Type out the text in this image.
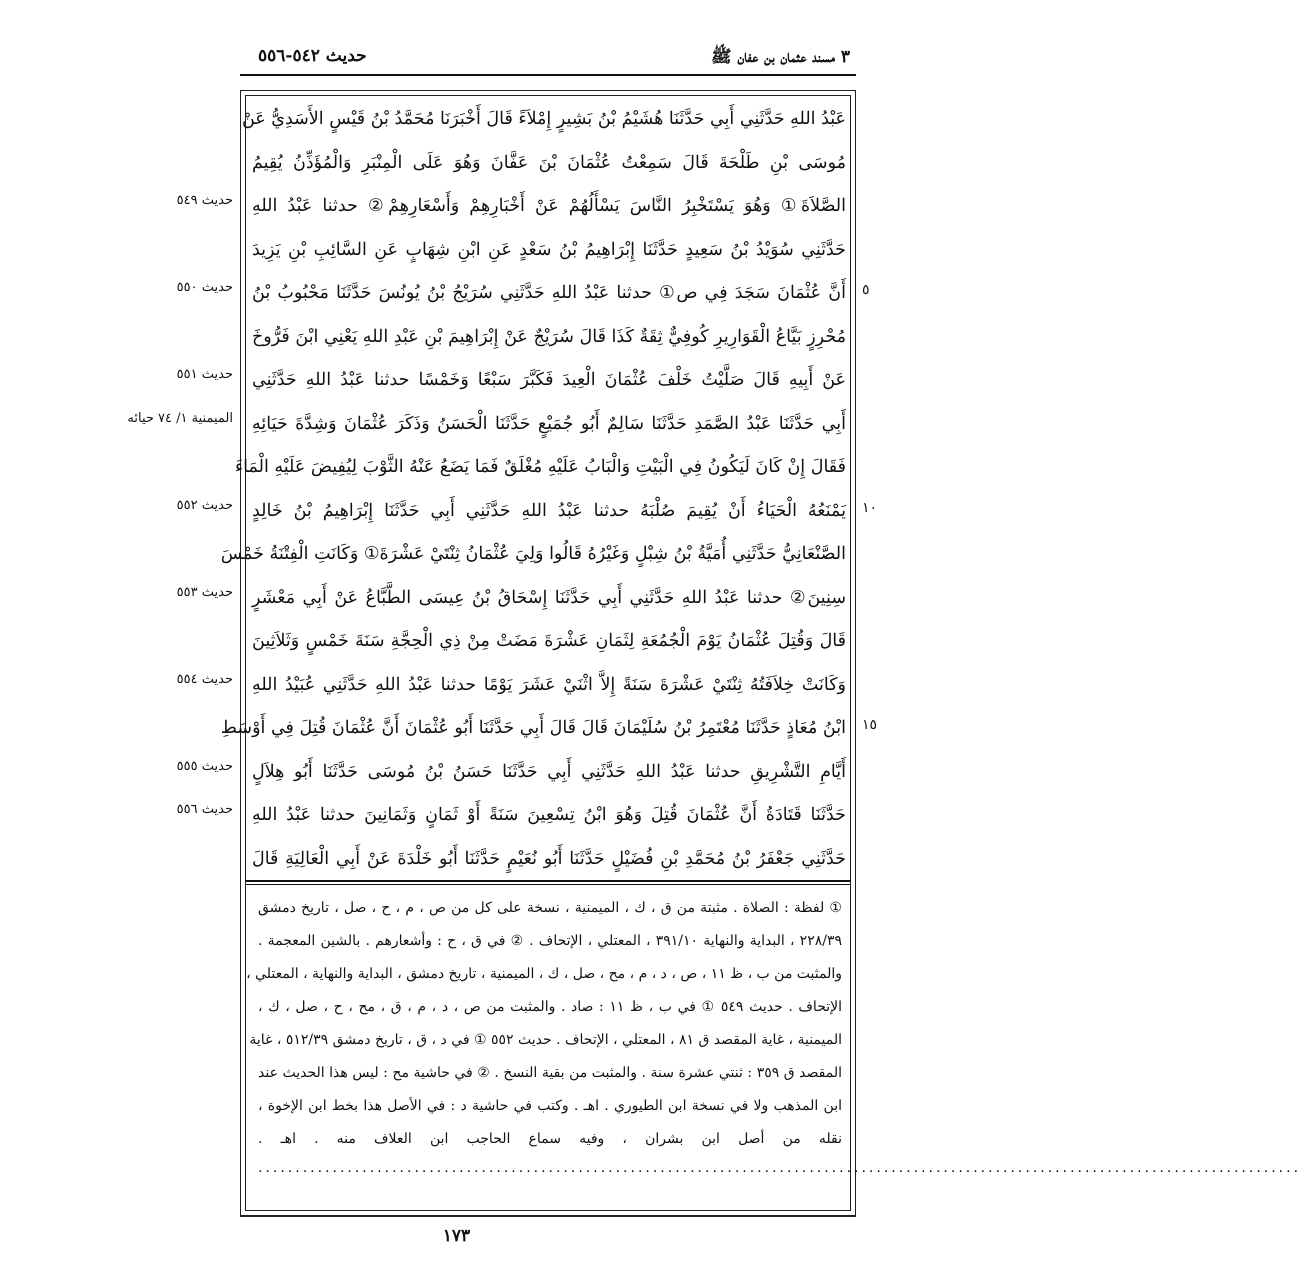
حديث ٥٤٢-٥٥٦	٣ مسند عثمان بن عفان ﷺ
عَبْدُ اللهِ حَدَّثَنِي أَبِي حَدَّثَنَا هُشَيْمُ بْنُ بَشِيرٍ إِمْلاَءً قَالَ أَخْبَرَنَا مُحَمَّدُ بْنُ قَيْسٍ الأَسَدِيُّ عَنْ
مُوسَى بْنِ طَلْحَةَ قَالَ سَمِعْتُ عُثْمَانَ بْنَ عَفَّانَ وَهُوَ عَلَى الْمِنْبَرِ وَالْمُؤَذِّنُ يُقِيمُ
الصَّلاَةَ① وَهُوَ يَسْتَخْبِرُ النَّاسَ يَسْأَلُهُمْ عَنْ أَخْبَارِهِمْ وَأَسْعَارِهِمْ② حدثنا عَبْدُ اللهِ
حَدَّثَنِي سُوَيْدُ بْنُ سَعِيدٍ حَدَّثَنَا إِبْرَاهِيمُ بْنُ سَعْدٍ عَنِ ابْنِ شِهَابٍ عَنِ السَّائِبِ بْنِ يَزِيدَ
أَنَّ عُثْمَانَ سَجَدَ فِي ص① حدثنا عَبْدُ اللهِ حَدَّثَنِي سُرَيْجُ بْنُ يُونُسَ حَدَّثَنَا مَحْبُوبُ بْنُ
مُحْرِزٍ بَيَّاعُ الْقَوَارِيرِ كُوفِيٌّ ثِقَةٌ كَذَا قَالَ سُرَيْجٌ عَنْ إِبْرَاهِيمَ بْنِ عَبْدِ اللهِ يَعْنِي ابْنَ فَرُّوخَ
عَنْ أَبِيهِ قَالَ صَلَّيْتُ خَلْفَ عُثْمَانَ الْعِيدَ فَكَبَّرَ سَبْعًا وَخَمْسًا حدثنا عَبْدُ اللهِ حَدَّثَنِي
أَبِي حَدَّثَنَا عَبْدُ الصَّمَدِ حَدَّثَنَا سَالِمٌ أَبُو جُمَيْعٍ حَدَّثَنَا الْحَسَنُ وَذَكَرَ عُثْمَانَ وَشِدَّةَ حَيَائِهِ
فَقَالَ إِنْ كَانَ لَيَكُونُ فِي الْبَيْتِ وَالْبَابُ عَلَيْهِ مُغْلَقٌ فَمَا يَضَعُ عَنْهُ الثَّوْبَ لِيُفِيضَ عَلَيْهِ الْمَاءَ
يَمْنَعُهُ الْحَيَاءُ أَنْ يُقِيمَ صُلْبَهُ حدثنا عَبْدُ اللهِ حَدَّثَنِي أَبِي حَدَّثَنَا إِبْرَاهِيمُ بْنُ خَالِدٍ
الصَّنْعَانِيُّ حَدَّثَنِي أُمَيَّةُ بْنُ شِبْلٍ وَغَيْرُهُ قَالُوا وَلِيَ عُثْمَانُ ثِنْتَيْ عَشْرَةَ① وَكَانَتِ الْفِتْنَةُ خَمْسَ
سِنِينَ② حدثنا عَبْدُ اللهِ حَدَّثَنِي أَبِي حَدَّثَنَا إِسْحَاقُ بْنُ عِيسَى الطَّبَّاعُ عَنْ أَبِي مَعْشَرٍ
قَالَ وَقُتِلَ عُثْمَانُ يَوْمَ الْجُمُعَةِ لِثَمَانِ عَشْرَةَ مَضَتْ مِنْ ذِي الْحِجَّةِ سَنَةَ خَمْسٍ وَثَلاَثِينَ
وَكَانَتْ خِلاَفَتُهُ ثِنْتَيْ عَشْرَةَ سَنَةً إِلاَّ اثْنَيْ عَشَرَ يَوْمًا حدثنا عَبْدُ اللهِ حَدَّثَنِي عُبَيْدُ اللهِ
ابْنُ مُعَاذٍ حَدَّثَنَا مُعْتَمِرُ بْنُ سُلَيْمَانَ قَالَ قَالَ أَبِي حَدَّثَنَا أَبُو عُثْمَانَ أَنَّ عُثْمَانَ قُتِلَ فِي أَوْسَطِ
أَيَّامِ التَّشْرِيقِ حدثنا عَبْدُ اللهِ حَدَّثَنِي أَبِي حَدَّثَنَا حَسَنُ بْنُ مُوسَى حَدَّثَنَا أَبُو هِلاَلٍ
حَدَّثَنَا قَتَادَةُ أَنَّ عُثْمَانَ قُتِلَ وَهُوَ ابْنُ تِسْعِينَ سَنَةً أَوْ ثَمَانٍ وَثَمَانِينَ حدثنا عَبْدُ اللهِ
حَدَّثَنِي جَعْفَرُ بْنُ مُحَمَّدِ بْنِ فُضَيْلٍ حَدَّثَنَا أَبُو نُعَيْمٍ حَدَّثَنَا أَبُو خَلْدَةَ عَنْ أَبِي الْعَالِيَةِ قَالَ
① لفظة : الصلاة . مثبتة من ق ، ك ، الميمنية ، نسخة على كل من ص ، م ، ح ، صل ، تاريخ دمشق
٢٢٨/٣٩ ، البداية والنهاية ٣٩١/١٠ ، المعتلي ، الإتحاف . ② في ق ، ح : وأشعارهم . بالشين المعجمة .
والمثبت من ب ، ظ ١١ ، ص ، د ، م ، مح ، صل ، ك ، الميمنية ، تاريخ دمشق ، البداية والنهاية ، المعتلي ،
الإتحاف . حديث ٥٤٩ ① في ب ، ظ ١١ : صاد . والمثبت من ص ، د ، م ، ق ، مح ، ح ، صل ، ك ،
الميمنية ، غاية المقصد ق ٨١ ، المعتلي ، الإتحاف . حديث ٥٥٢ ① في د ، ق ، تاريخ دمشق ٥١٢/٣٩ ، غاية
المقصد ق ٣٥٩ : ثنتي عشرة سنة . والمثبت من بقية النسخ . ② في حاشية مح : ليس هذا الحديث عند
ابن المذهب ولا في نسخة ابن الطيوري . اهـ . وكتب في حاشية د : في الأصل هذا بخط ابن الإخوة ،
نقله من أصل ابن بشران ، وفيه سماع الحاجب ابن العلاف منه . اهـ .
............................................................................................................................................
حديث ٥٤٩
حديث ٥٥٠
حديث ٥٥١
الميمنية ١/ ٧٤ حيائه
حديث ٥٥٢
حديث ٥٥٣
حديث ٥٥٤
حديث ٥٥٥
حديث ٥٥٦
٥
١٠
١٥
١٧٣
